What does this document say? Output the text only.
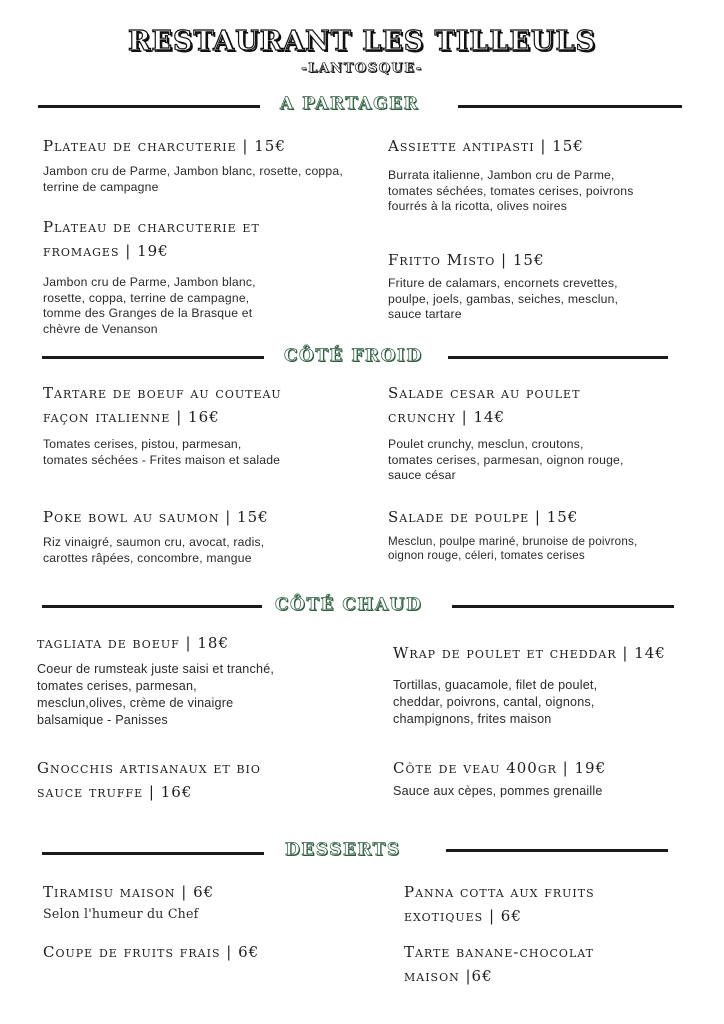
RESTAURANT LES TILLEULS
-LANTOSQUE-
A PARTAGER
Plateau de charcuterie | 15€
Jambon cru de Parme, Jambon blanc, rosette, coppa, terrine de campagne
Assiette antipasti | 15€
Burrata italienne, Jambon cru de Parme, tomates séchées, tomates cerises, poivrons fourrés à la ricotta, olives noires
Plateau de charcuterie et fromages | 19€
Jambon cru de Parme, Jambon blanc, rosette, coppa, terrine de campagne, tomme des Granges de la Brasque et chèvre de Venanson
Fritto Misto | 15€
Friture de calamars, encornets crevettes, poulpe, joels, gambas, seiches, mesclun, sauce tartare
CÔTÉ FROID
Tartare de boeuf au couteau façon italienne | 16€
Tomates cerises, pistou, parmesan, tomates séchées - Frites maison et salade
Salade cesar au poulet crunchy | 14€
Poulet crunchy, mesclun, croutons, tomates cerises, parmesan, oignon rouge, sauce césar
Poke bowl au saumon | 15€
Riz vinaigré, saumon cru, avocat, radis, carottes râpées, concombre, mangue
Salade de poulpe | 15€
Mesclun, poulpe mariné, brunoise de poivrons, oignon rouge, céleri, tomates cerises
CÔTÉ CHAUD
tagliata de boeuf | 18€
Coeur de rumsteak juste saisi et tranché, tomates cerises, parmesan, mesclun,olives, crème de vinaigre balsamique - Panisses
Wrap de poulet et cheddar | 14€
Tortillas, guacamole, filet de poulet, cheddar, poivrons, cantal, oignons, champignons, frites maison
Gnocchis artisanaux et bio sauce truffe | 16€
Côte de veau 400gr | 19€
Sauce aux cèpes, pommes grenaille
DESSERTS
Tiramisu maison | 6€
Selon l'humeur du Chef
Panna cotta aux fruits exotiques | 6€
Coupe de fruits frais | 6€	Tarte banane-chocolat maison |6€
